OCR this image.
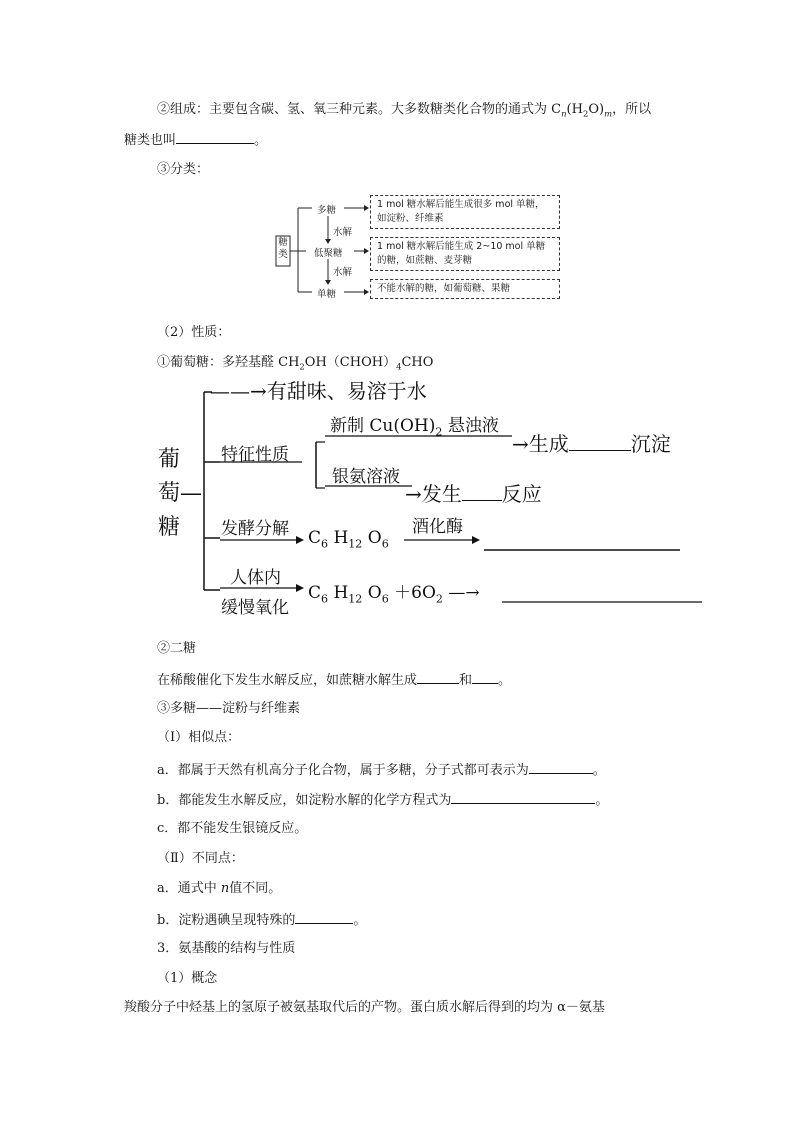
②组成：主要包含碳、氢、氧三种元素。大多数糖类化合物的通式为 $C_n(H_2O)_m$，所以
糖类也叫	。
③分类：
糖类
多糖
水解
低聚糖
水解
单糖
1 mol 糖水解后能生成很多 mol 单糖，如淀粉、纤维素
1 mol 糖水解后能生成 2~10 mol 单糖的糖，如蔗糖、麦芽糖
不能水解的糖，如葡萄糖、果糖
（2）性质：
①葡萄糖：多羟基醛 $CH_2OH(CHOH)_4CHO$
葡
萄—
糖
——→有甜味、易溶于水
特征性质
新制 $Cu(OH)_2$ 悬浊液
→生成	沉淀
银氨溶液
→发生 反应
发酵分解 $C_6$ $H_{12}$ $O_6$
酒化酶
人体内
缓慢氧化
$C_6$ $H_{12}$ $O_6 +6O_2$ —→
②二糖
在稀酸催化下发生水解反应，如蔗糖水解生成	和 。
③多糖——淀粉与纤维素
（Ⅰ）相似点：
a．都属于天然有机高分子化合物，属于多糖，分子式都可表示为	。
b．都能发生水解反应，如淀粉水解的化学方程式为	。
c．都不能发生银镜反应。
（Ⅱ）不同点：
a．通式中 n值不同。
b．淀粉遇碘呈现特殊的	。
3．氨基酸的结构与性质
（1）概念
羧酸分子中烃基上的氢原子被氨基取代后的产物。蛋白质水解后得到的均为 α－氨基
